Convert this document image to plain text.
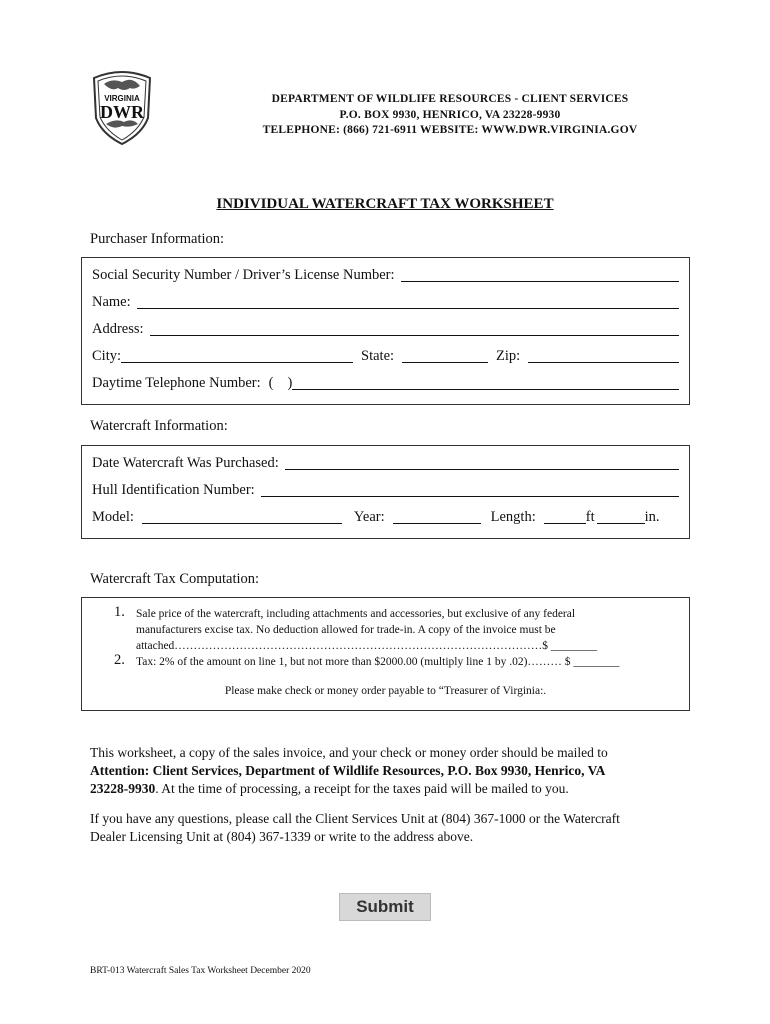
VIRGINIA
DWR
DEPARTMENT OF WILDLIFE RESOURCES - CLIENT SERVICES
P.O. BOX 9930, HENRICO, VA 23228-9930
TELEPHONE: (866) 721-6911 WEBSITE: WWW.DWR.VIRGINIA.GOV
INDIVIDUAL WATERCRAFT TAX WORKSHEET
Purchaser Information:
Social Security Number / Driver’s License Number:
Name:
Address:
City:	State:	Zip:
Daytime Telephone Number: ( )
Watercraft Information:
Date Watercraft Was Purchased:
Hull Identification Number:
Model:	Year:	Length:	ft	in.
Watercraft Tax Computation:
1. Sale price of the watercraft, including attachments and accessories, but exclusive of any federal
manufacturers excise tax. No deduction allowed for trade-in. A copy of the invoice must be
attached……………………………………………………………………………………$ ________
2. Tax: 2% of the amount on line 1, but not more than $2000.00 (multiply line 1 by .02)……… $ ________
Please make check or money order payable to “Treasurer of Virginia:.
This worksheet, a copy of the sales invoice, and your check or money order should be mailed to
Attention: Client Services, Department of Wildlife Resources, P.O. Box 9930, Henrico, VA
23228-9930. At the time of processing, a receipt for the taxes paid will be mailed to you.
If you have any questions, please call the Client Services Unit at (804) 367-1000 or the Watercraft
Dealer Licensing Unit at (804) 367-1339 or write to the address above.
Submit
BRT-013 Watercraft Sales Tax Worksheet December 2020
